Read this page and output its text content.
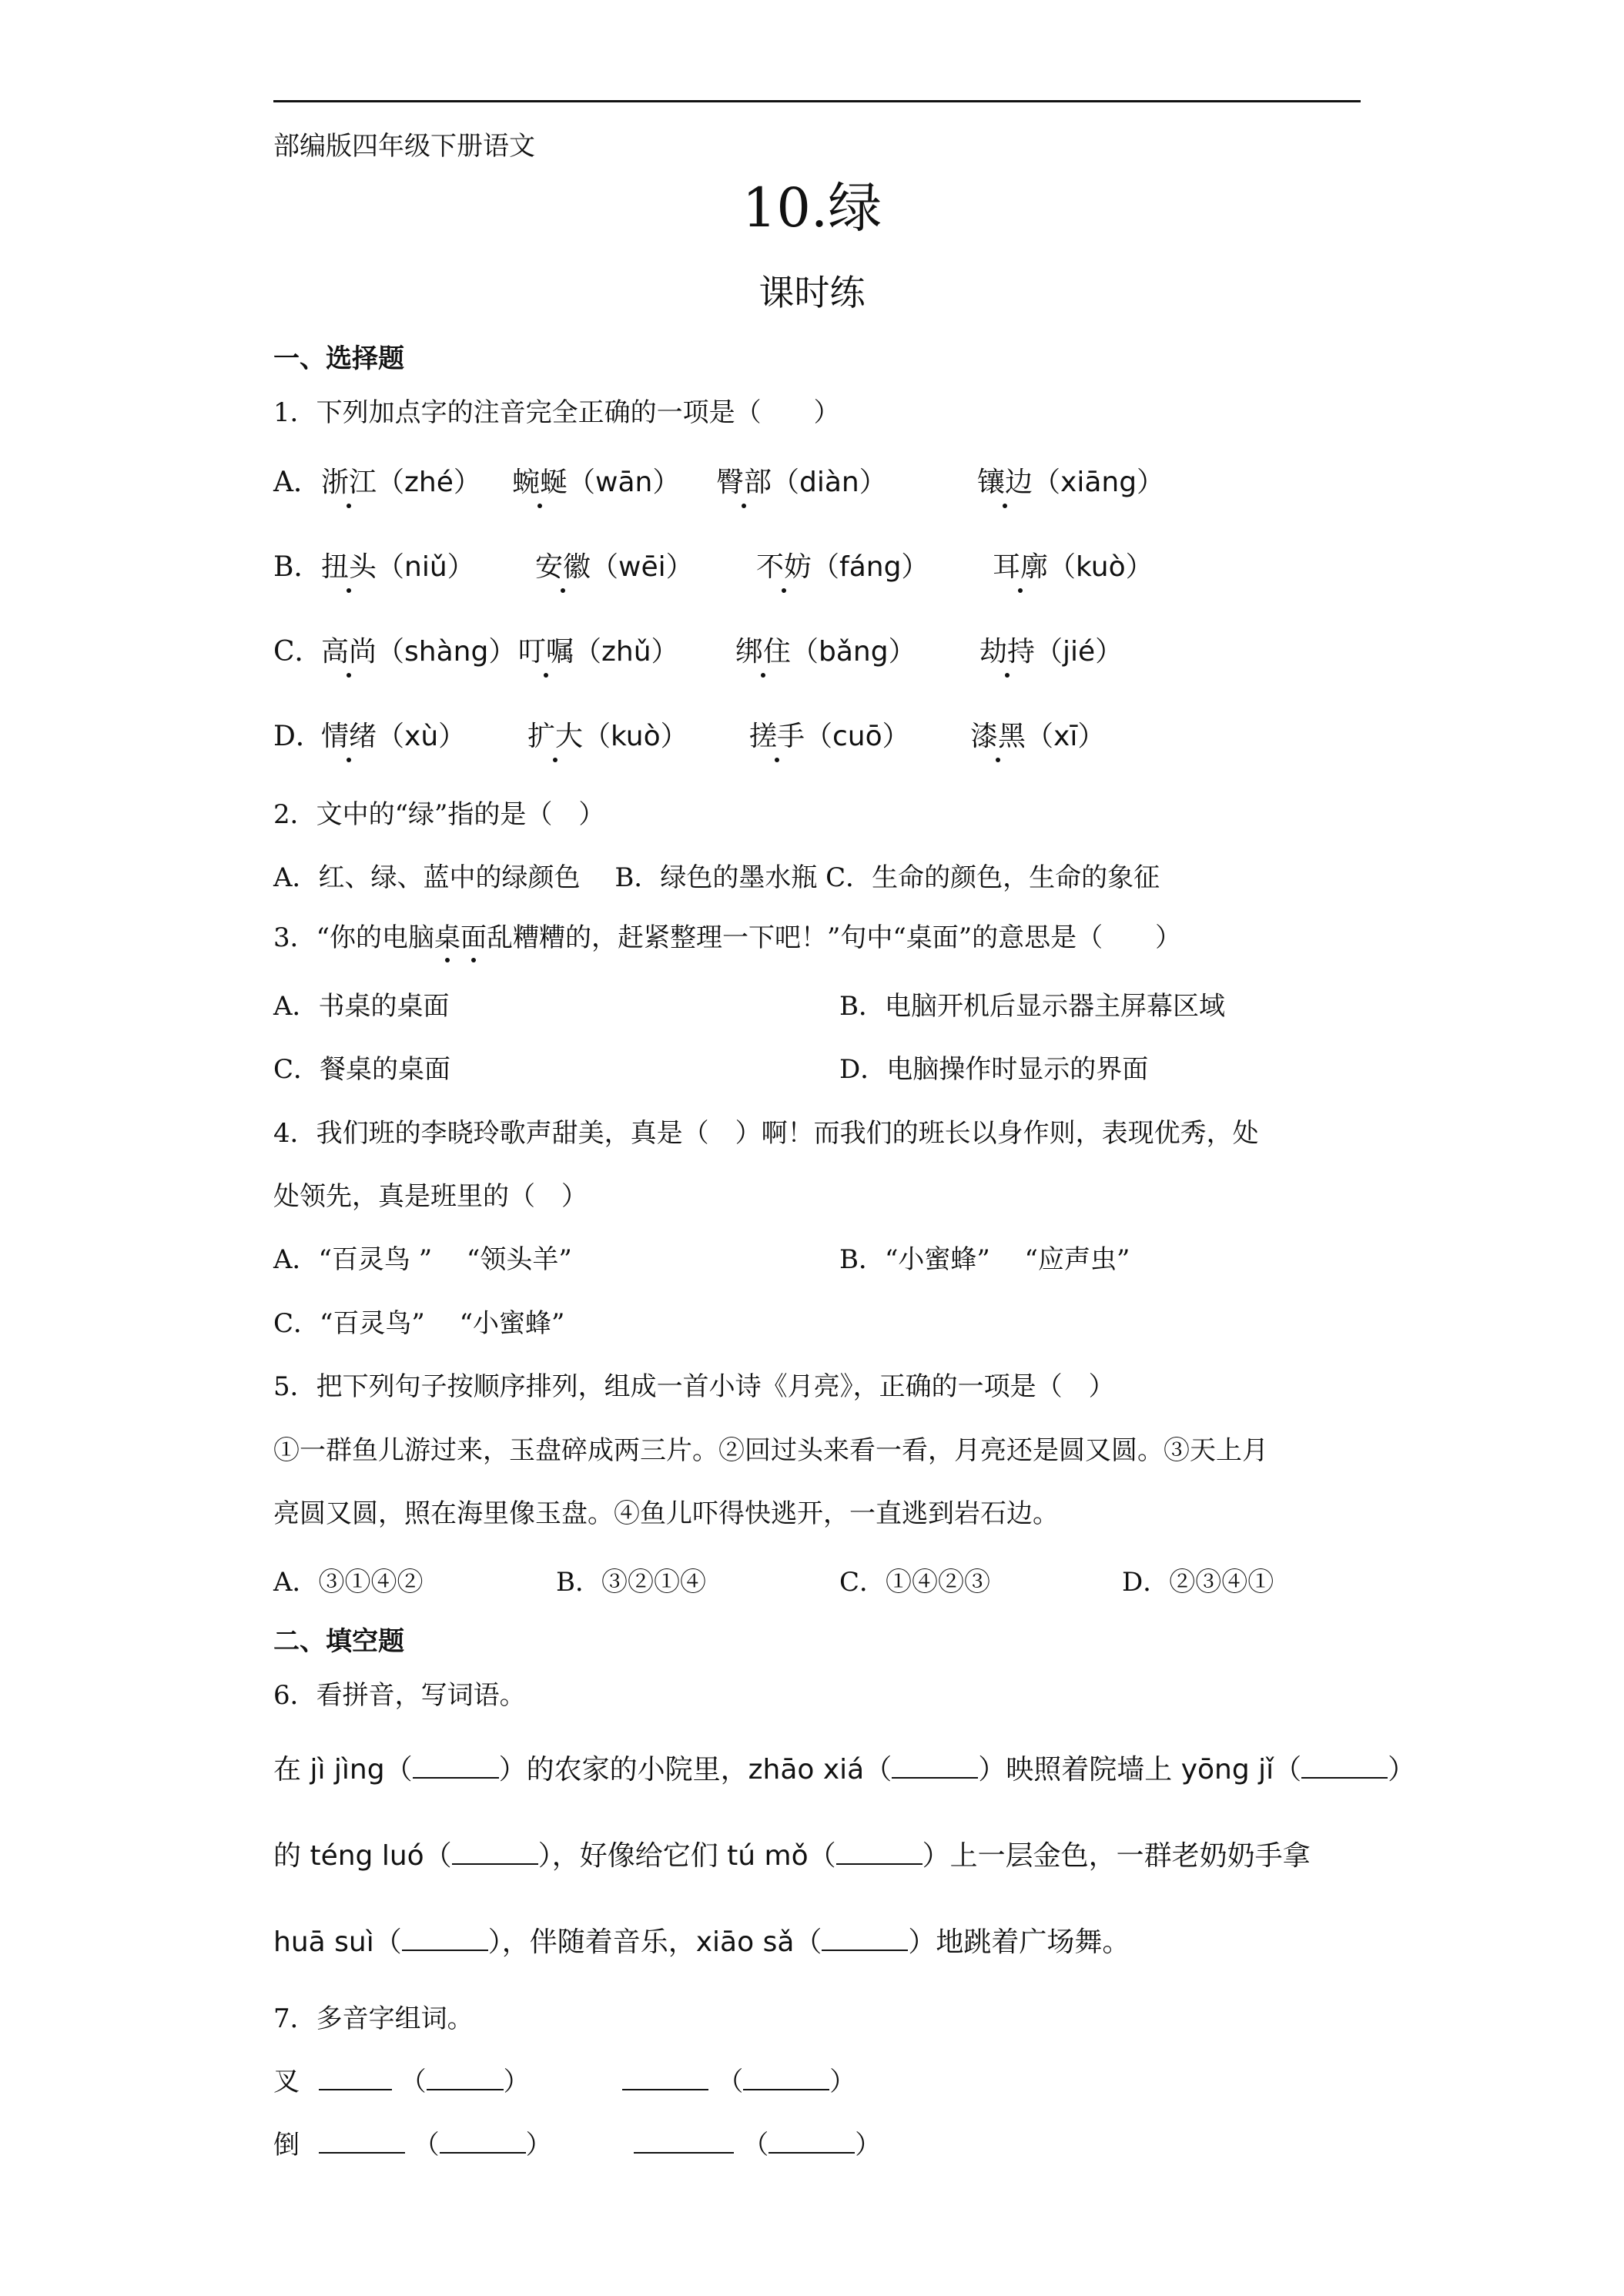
部编版四年级下册语文
10.绿
课时练
一、选择题
1．下列加点字的注音完全正确的一项是（　　）
A． 浙江（zhé） 蜿蜒（wān） 臀部（diàn）	镶边（xiāng）
B． 扭头（niǔ） 安徽（wēi） 不妨（fáng） 耳廓（kuò）
C．
高尚（shàng） 叮嘱（zhǔ） 绑住（bǎng） 劫持（jié）
D．
情绪（xù） 扩大（kuò） 搓手（cuō） 漆黑（xī）
2．文中的“绿”指的是（　）
A．红、绿、蓝中的绿颜色　 B．绿色的墨水瓶 C．生命的颜色，生命的象征
3．“你的电脑桌面乱糟糟的，赶紧整理一下吧！”句中“桌面”的意思是（　　）
A．书桌的桌面	B．电脑开机后显示器主屏幕区域
C．餐桌的桌面	D．电脑操作时显示的界面
4．我们班的李晓玲歌声甜美，真是（　）啊！而我们的班长以身作则，表现优秀，处
处领先，真是班里的（　）
A．“百灵鸟 ”　 “领头羊”	B．“小蜜蜂”　 “应声虫”
C．“百灵鸟”　 “小蜜蜂”
5．把下列句子按顺序排列，组成一首小诗《月亮》，正确的一项是（　）
①一群鱼儿游过来，玉盘碎成两三片。②回过头来看一看，月亮还是圆又圆。③天上月
亮圆又圆，照在海里像玉盘。④鱼儿吓得快逃开，一直逃到岩石边。
A．③①④②	B．③②①④	C．①④②③	D．②③④①
二、填空题
6．看拼音，写词语。
在 jì jìng（	）的农家的小院里，zhāo xiá（	）映照着院墙上 yōng jǐ（	）
的 téng luó（	），好像给它们 tú mǒ（	）上一层金色，一群老奶奶手拿
huā suì（	），伴随着音乐，xiāo sǎ（	）地跳着广场舞。
7．多音字组词。
叉	（	）	（	）
倒	（	）	（	）
